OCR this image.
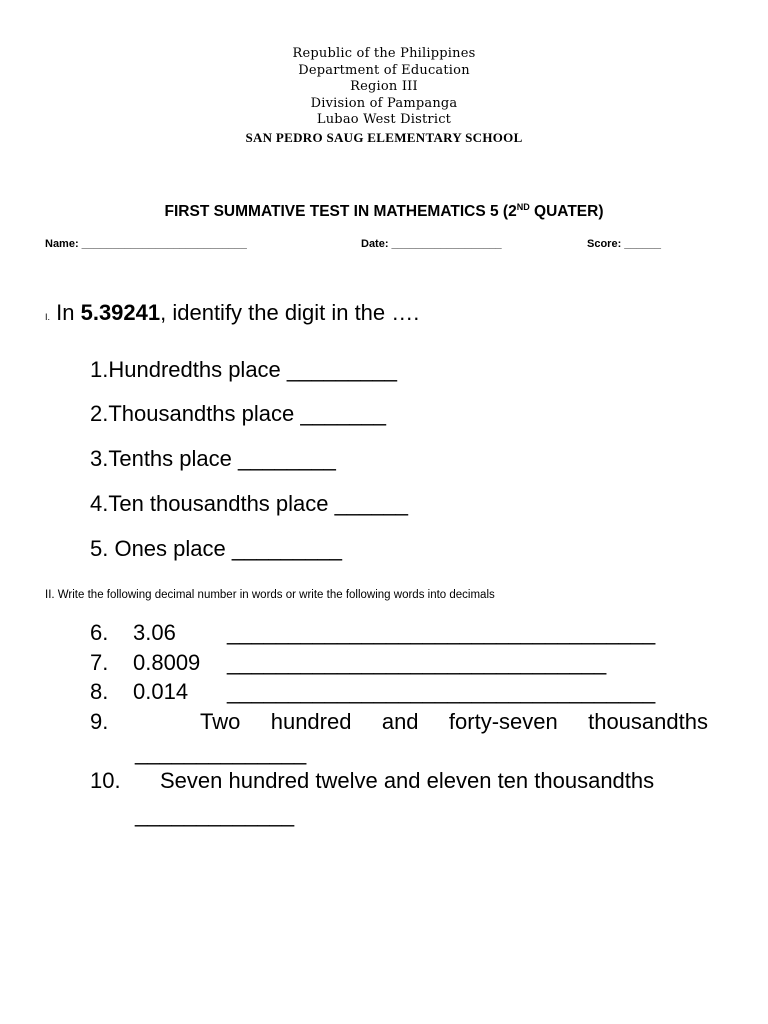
Republic of the Philippines
Department of Education
Region III
Division of Pampanga
Lubao West District
SAN PEDRO SAUG ELEMENTARY SCHOOL
FIRST SUMMATIVE TEST IN MATHEMATICS 5 (2ND QUATER)
Name: ___________________________	Date: __________________	Score: ______
I. In 5.39241, identify the digit in the ….
1.Hundredths place _________
2.Thousandths place _______
3.Tenths place ________
4.Ten thousandths place ______
5. Ones place _________
II. Write the following decimal number in words or write the following words into decimals
6. 3.06 ___________________________________
7. 0.8009 _______________________________
8. 0.014 ___________________________________
9.	Two hundred and forty-seven thousandths
______________
10. Seven hundred twelve and eleven ten thousandths
_____________
